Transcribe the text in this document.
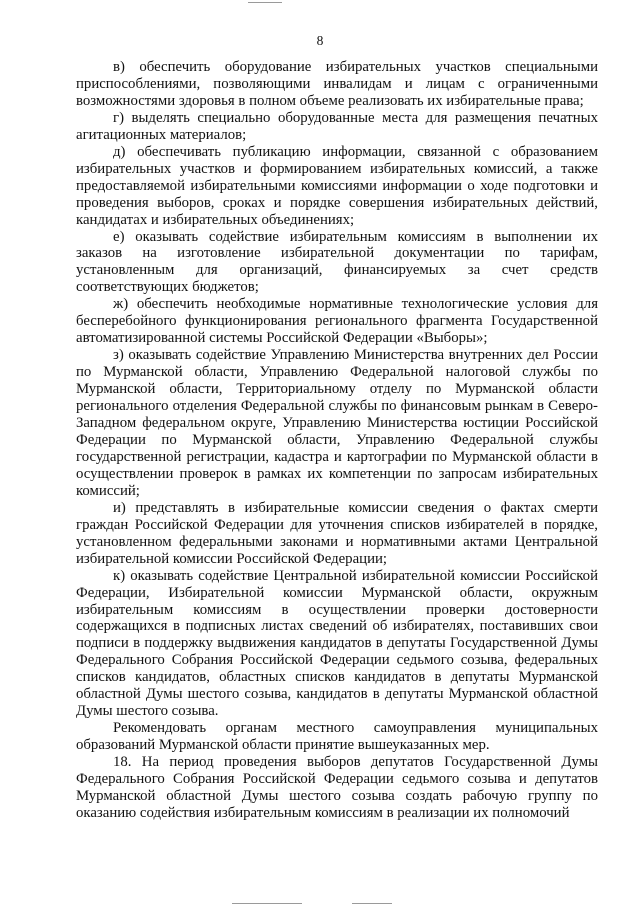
8

в) обеспечить оборудование избирательных участков специальными приспособлениями, позволяющими инвалидам и лицам с ограниченными возможностями здоровья в полном объеме реализовать их избирательные права;

г) выделять специально оборудованные места для размещения печатных агитационных материалов;

д) обеспечивать публикацию информации, связанной с образованием избирательных участков и формированием избирательных комиссий, а также предоставляемой избирательными комиссиями информации о ходе подготовки и проведения выборов, сроках и порядке совершения избирательных действий, кандидатах и избирательных объединениях;

е) оказывать содействие избирательным комиссиям в выполнении их заказов на изготовление избирательной документации по тарифам, установленным для организаций, финансируемых за счет средств соответствующих бюджетов;

ж) обеспечить необходимые нормативные технологические условия для бесперебойного функционирования регионального фрагмента Государственной автоматизированной системы Российской Федерации «Выборы»;

з) оказывать содействие Управлению Министерства внутренних дел России по Мурманской области, Управлению Федеральной налоговой службы по Мурманской области, Территориальному отделу по Мурманской области регионального отделения Федеральной службы по финансовым рынкам в Северо-Западном федеральном округе, Управлению Министерства юстиции Российской Федерации по Мурманской области, Управлению Федеральной службы государственной регистрации, кадастра и картографии по Мурманской области в осуществлении проверок в рамках их компетенции по запросам избирательных комиссий;

и) представлять в избирательные комиссии сведения о фактах смерти граждан Российской Федерации для уточнения списков избирателей в порядке, установленном федеральными законами и нормативными актами Центральной избирательной комиссии Российской Федерации;

к) оказывать содействие Центральной избирательной комиссии Российской Федерации, Избирательной комиссии Мурманской области, окружным избирательным комиссиям в осуществлении проверки достоверности содержащихся в подписных листах сведений об избирателях, поставивших свои подписи в поддержку выдвижения кандидатов в депутаты Государственной Думы Федерального Собрания Российской Федерации седьмого созыва, федеральных списков кандидатов, областных списков кандидатов в депутаты Мурманской областной Думы шестого созыва, кандидатов в депутаты Мурманской областной Думы шестого созыва.

Рекомендовать органам местного самоуправления муниципальных образований Мурманской области принятие вышеуказанных мер.

18. На период проведения выборов депутатов Государственной Думы Федерального Собрания Российской Федерации седьмого созыва и депутатов Мурманской областной Думы шестого созыва создать рабочую группу по оказанию содействия избирательным комиссиям в реализации их полномочий
